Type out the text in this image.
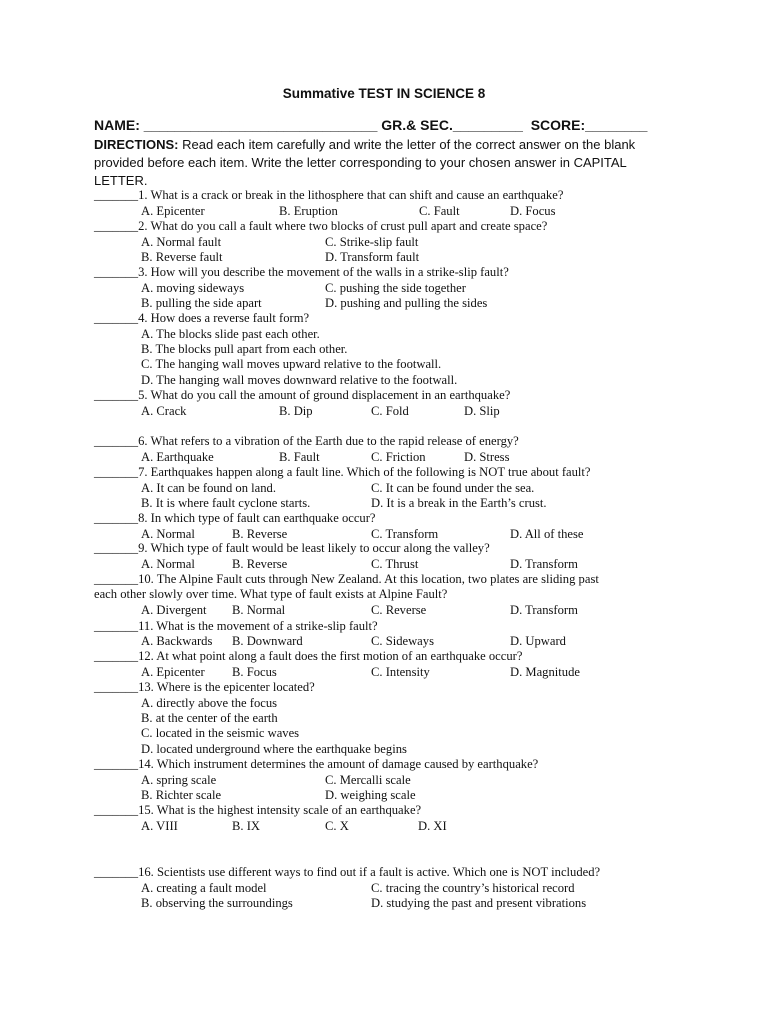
Summative TEST IN SCIENCE 8
NAME: ______________________________ GR.& SEC._________ SCORE:________
DIRECTIONS: Read each item carefully and write the letter of the correct answer on the blank provided before each item. Write the letter corresponding to your chosen answer in CAPITAL LETTER.
_______1. What is a crack or break in the lithosphere that can shift and cause an earthquake?
A. Epicenter	B. Eruption	C. Fault	D. Focus
_______2. What do you call a fault where two blocks of crust pull apart and create space?
A. Normal fault	C. Strike-slip fault
B. Reverse fault	D. Transform fault
_______3. How will you describe the movement of the walls in a strike-slip fault?
A. moving sideways	C. pushing the side together
B. pulling the side apart	D. pushing and pulling the sides
_______4. How does a reverse fault form?
A. The blocks slide past each other.
B. The blocks pull apart from each other.
C. The hanging wall moves upward relative to the footwall.
D. The hanging wall moves downward relative to the footwall.
_______5. What do you call the amount of ground displacement in an earthquake?
A. Crack	B. Dip	C. Fold	D. Slip
_______6. What refers to a vibration of the Earth due to the rapid release of energy?
A. Earthquake	B. Fault	C. Friction	D. Stress
_______7. Earthquakes happen along a fault line. Which of the following is NOT true about fault?
A. It can be found on land.	C. It can be found under the sea.
B. It is where fault cyclone starts.	D. It is a break in the Earth’s crust.
_______8. In which type of fault can earthquake occur?
A. Normal	B. Reverse	C. Transform	D. All of these
_______9. Which type of fault would be least likely to occur along the valley?
A. Normal	B. Reverse	C. Thrust	D. Transform
_______10. The Alpine Fault cuts through New Zealand. At this location, two plates are sliding past
each other slowly over time. What type of fault exists at Alpine Fault?
A. Divergent B. Normal	C. Reverse	D. Transform
_______11. What is the movement of a strike-slip fault?
A. Backwards B. Downward	C. Sideways	D. Upward
_______12. At what point along a fault does the first motion of an earthquake occur?
A. Epicenter B. Focus	C. Intensity	D. Magnitude
_______13. Where is the epicenter located?
A. directly above the focus
B. at the center of the earth
C. located in the seismic waves
D. located underground where the earthquake begins
_______14. Which instrument determines the amount of damage caused by earthquake?
A. spring scale	C. Mercalli scale
B. Richter scale	D. weighing scale
_______15. What is the highest intensity scale of an earthquake?
A. VIII	B. IX	C. X	D. XI
_______16. Scientists use different ways to find out if a fault is active. Which one is NOT included?
A. creating a fault model	C. tracing the country’s historical record
B. observing the surroundings	D. studying the past and present vibrations
